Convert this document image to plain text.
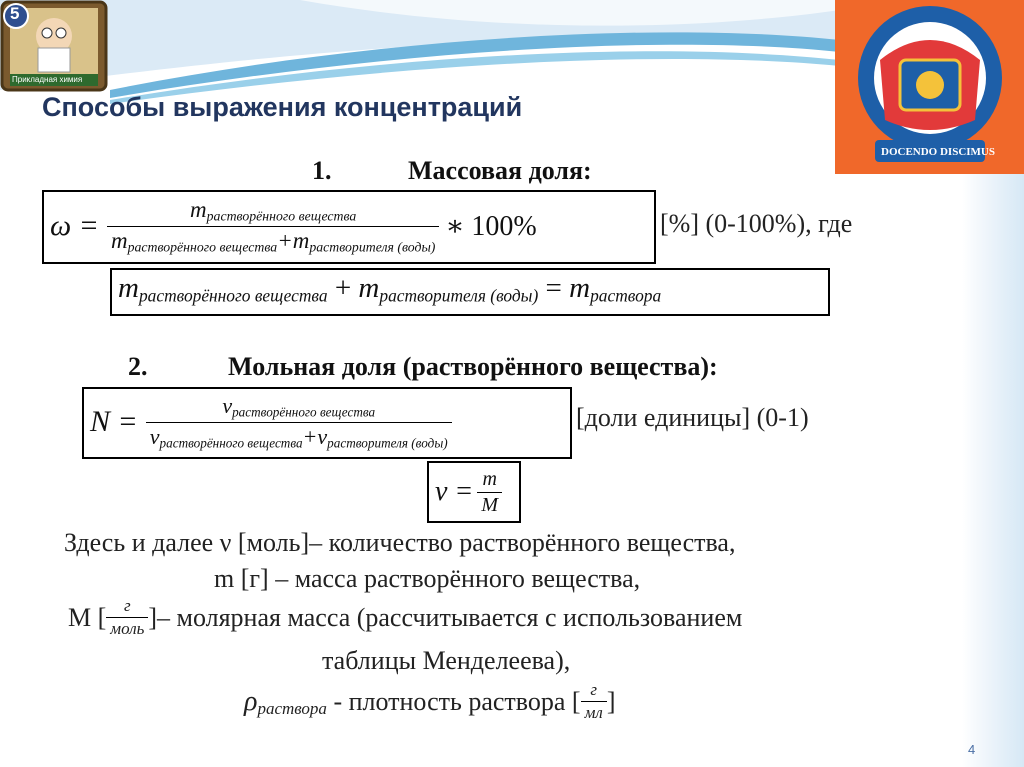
5
Прикладная химия
DOCENDO DISCIMUS
Способы выражения концентраций
1.	Массовая доля:
$\omega = \frac{m_{растворённого вещества}}{m_{растворённого вещества}+m_{растворителя (воды)}}$ ∗ 100%	[%] (0-100%), где
$m_{растворённого вещества} + m_{растворителя (воды)} = m_{раствора}$
2.	Мольная доля (растворённого вещества):
$N = \frac{\nu_{растворённого вещества}}{\nu_{растворённого вещества}+\nu_{растворителя (воды)}}$	[доли единицы] (0-1)
$\nu = \frac{m}{M}$
Здесь и далее ν [моль]– количество растворённого вещества,
m [г] – масса растворённого вещества,
M [ $\frac{г}{\text{моль}}$ ]– молярная масса (рассчитывается с использованием
таблицы Менделеева),
ρ раствора - плотность раствора [ $\frac{г}{мл}$ ]
4
